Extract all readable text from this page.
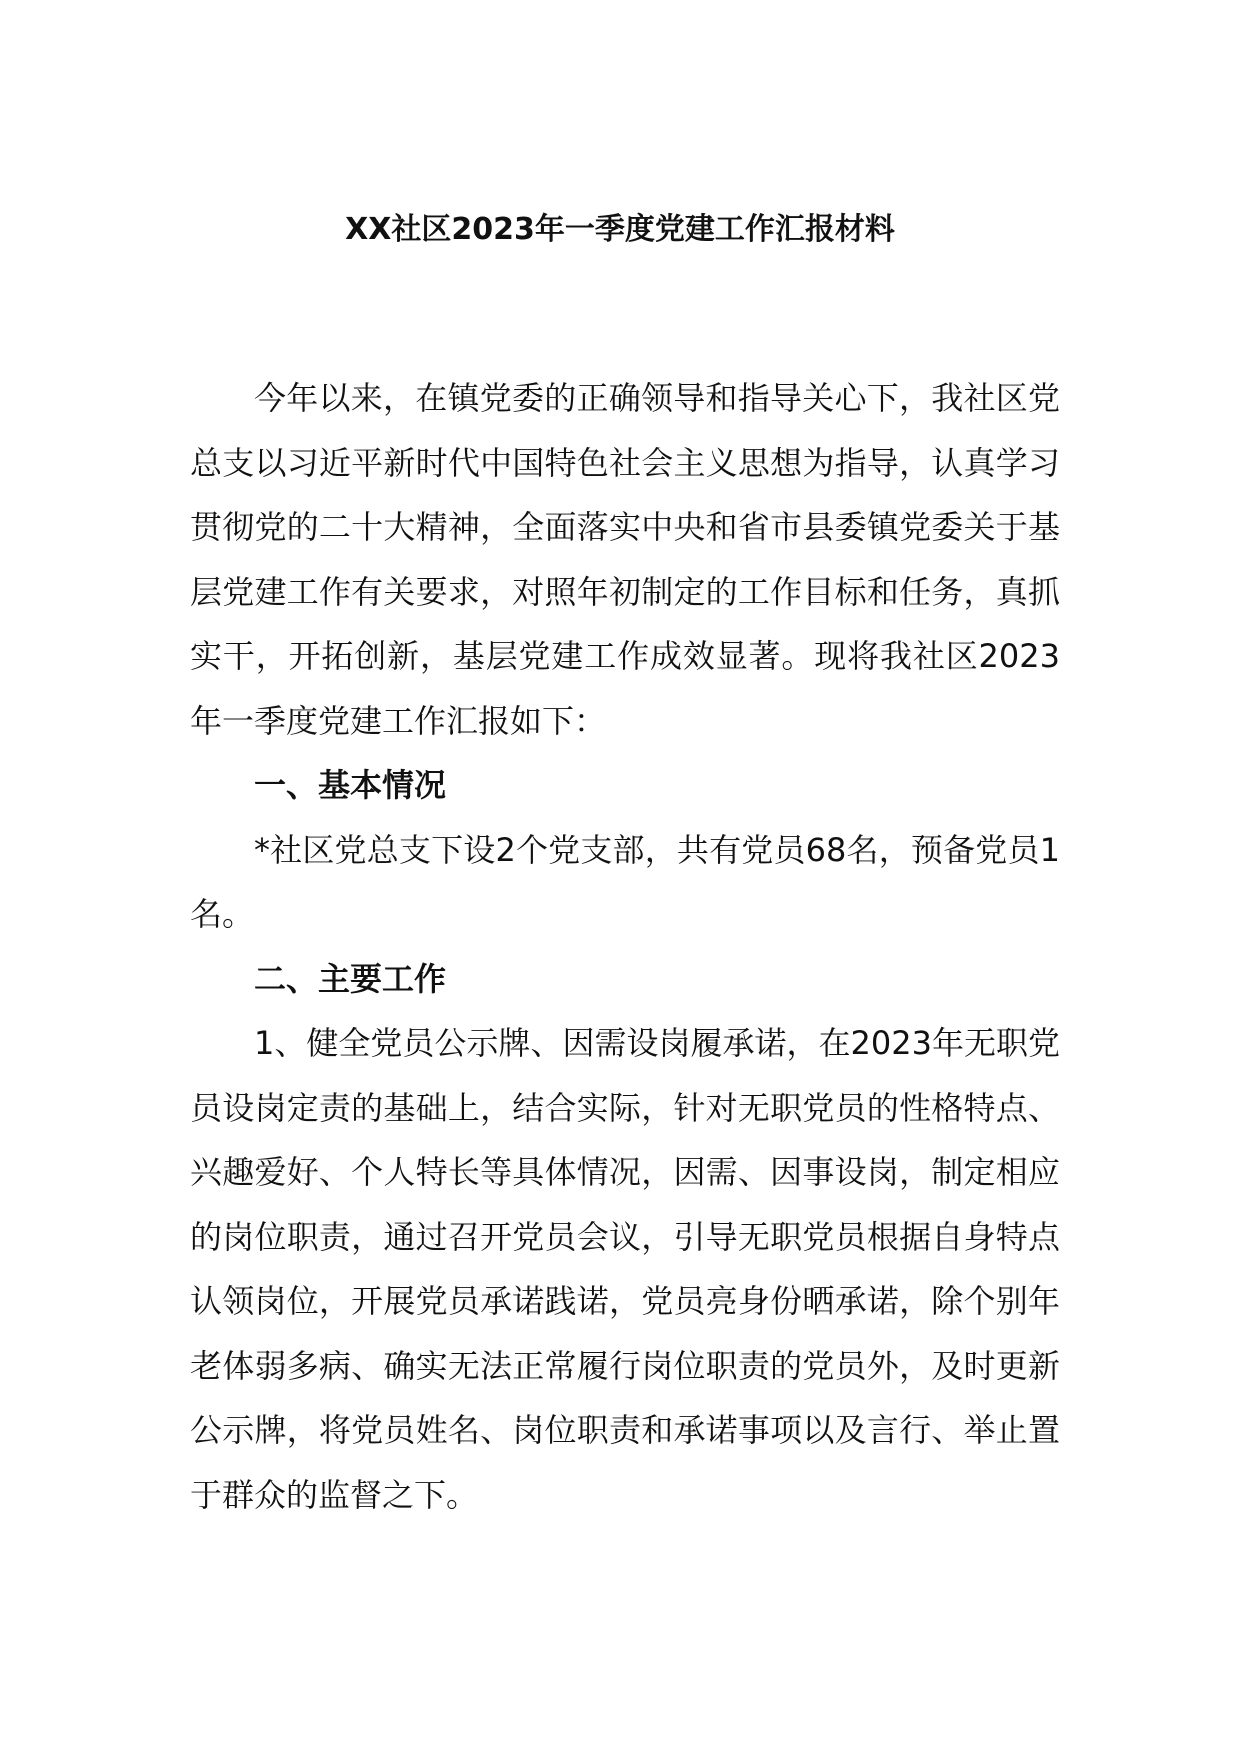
XX社区2023年一季度党建工作汇报材料

今年以来，在镇党委的正确领导和指导关心下，我社区党总支以习近平新时代中国特色社会主义思想为指导，认真学习贯彻党的二十大精神，全面落实中央和省市县委镇党委关于基层党建工作有关要求，对照年初制定的工作目标和任务，真抓实干，开拓创新，基层党建工作成效显著。现将我社区2023年一季度党建工作汇报如下：

一、基本情况

*社区党总支下设2个党支部，共有党员68名，预备党员1名。

二、主要工作

1、健全党员公示牌、因需设岗履承诺，在2023年无职党员设岗定责的基础上，结合实际，针对无职党员的性格特点、兴趣爱好、个人特长等具体情况，因需、因事设岗，制定相应的岗位职责，通过召开党员会议，引导无职党员根据自身特点认领岗位，开展党员承诺践诺，党员亮身份晒承诺，除个别年老体弱多病、确实无法正常履行岗位职责的党员外，及时更新公示牌，将党员姓名、岗位职责和承诺事项以及言行、举止置于群众的监督之下。
